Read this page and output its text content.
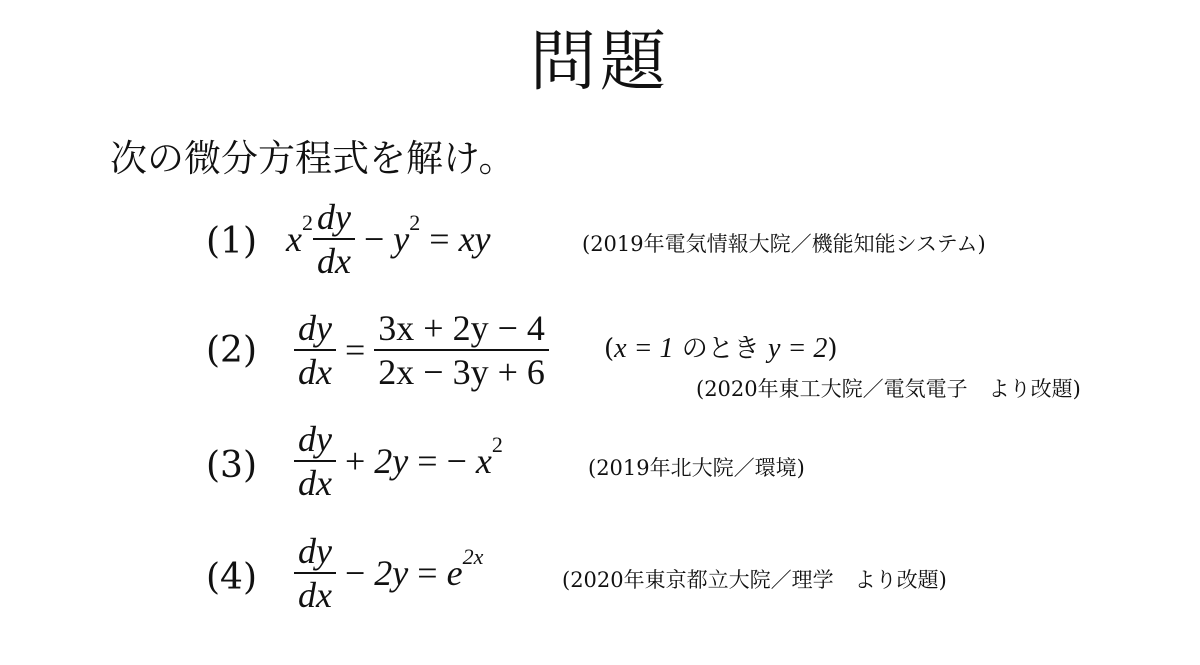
問題
次の微分方程式を解け。
(1) x $2 \frac{dy}{dx} - y$ 2 = xy	(2019年電気情報大院／機能知能システム)
$(2) \frac{dy}{dx} = \frac{3x + 2y - 4}{2x - 3y + 6} (x = 1$ のとき y = 2)
(2020年東工大院／電気電子　より改題)
$(3) \frac{dy}{dx} + 2y$ = − x 2
(2019年北大院／環境)
$(4) \frac{dy}{dx} - 2y = e$ 2x
(2020年東京都立大院／理学　より改題)
